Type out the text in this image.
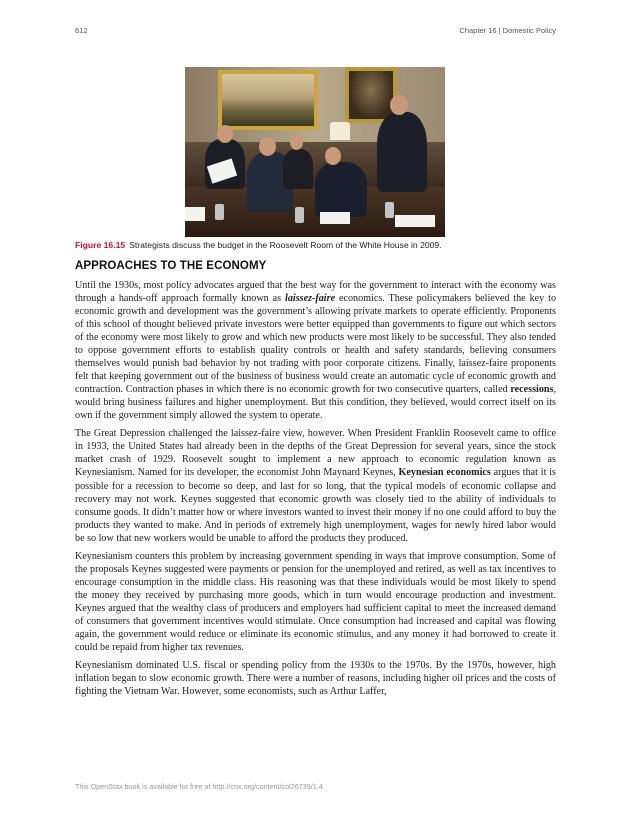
612	Chapter 16 | Domestic Policy
Figure 16.15 Strategists discuss the budget in the Roosevelt Room of the White House in 2009.
APPROACHES TO THE ECONOMY

Until the 1930s, most policy advocates argued that the best way for the government to interact with the economy was through a hands-off approach formally known as laissez-faire economics. These policymakers believed the key to economic growth and development was the government’s allowing private markets to operate efficiently. Proponents of this school of thought believed private investors were better equipped than governments to figure out which sectors of the economy were most likely to grow and which new products were most likely to be successful. They also tended to oppose government efforts to establish quality controls or health and safety standards, believing consumers themselves would punish bad behavior by not trading with poor corporate citizens. Finally, laissez-faire proponents felt that keeping government out of the business of business would create an automatic cycle of economic growth and contraction. Contraction phases in which there is no economic growth for two consecutive quarters, called recessions, would bring business failures and higher unemployment. But this condition, they believed, would correct itself on its own if the government simply allowed the system to operate.

The Great Depression challenged the laissez-faire view, however. When President Franklin Roosevelt came to office in 1933, the United States had already been in the depths of the Great Depression for several years, since the stock market crash of 1929. Roosevelt sought to implement a new approach to economic regulation known as Keynesianism. Named for its developer, the economist John Maynard Keynes, Keynesian economics argues that it is possible for a recession to become so deep, and last for so long, that the typical models of economic collapse and recovery may not work. Keynes suggested that economic growth was closely tied to the ability of individuals to consume goods. It didn’t matter how or where investors wanted to invest their money if no one could afford to buy the products they wanted to make. And in periods of extremely high unemployment, wages for newly hired labor would be so low that new workers would be unable to afford the products they produced.

Keynesianism counters this problem by increasing government spending in ways that improve consumption. Some of the proposals Keynes suggested were payments or pension for the unemployed and retired, as well as tax incentives to encourage consumption in the middle class. His reasoning was that these individuals would be most likely to spend the money they received by purchasing more goods, which in turn would encourage production and investment. Keynes argued that the wealthy class of producers and employers had sufficient capital to meet the increased demand of consumers that government incentives would stimulate. Once consumption had increased and capital was flowing again, the government would reduce or eliminate its economic stimulus, and any money it had borrowed to create it could be repaid from higher tax revenues.

Keynesianism dominated U.S. fiscal or spending policy from the 1930s to the 1970s. By the 1970s, however, high inflation began to slow economic growth. There were a number of reasons, including higher oil prices and the costs of fighting the Vietnam War. However, some economists, such as Arthur Laffer,

This OpenStax book is available for free at http://cnx.org/content/col26739/1.4
